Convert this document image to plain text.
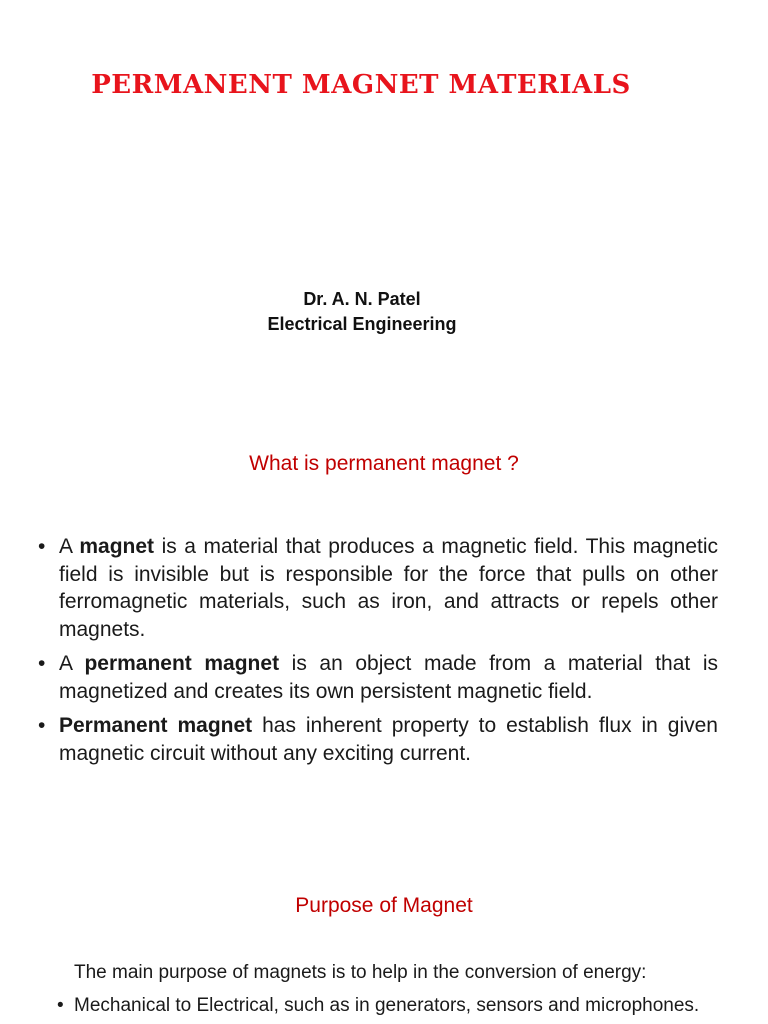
PERMANENT MAGNET MATERIALS
Dr. A. N. Patel
Electrical Engineering
What is permanent magnet ?
• A magnet is a material that produces a magnetic field. This magnetic field is invisible but is responsible for the force that pulls on other ferromagnetic materials, such as iron, and attracts or repels other magnets.
• A permanent magnet is an object made from a material that is magnetized and creates its own persistent magnetic field.
• Permanent magnet has inherent property to establish flux in given magnetic circuit without any exciting current.
Purpose of Magnet
The main purpose of magnets is to help in the conversion of energy:
• Mechanical to Electrical, such as in generators, sensors and microphones.
